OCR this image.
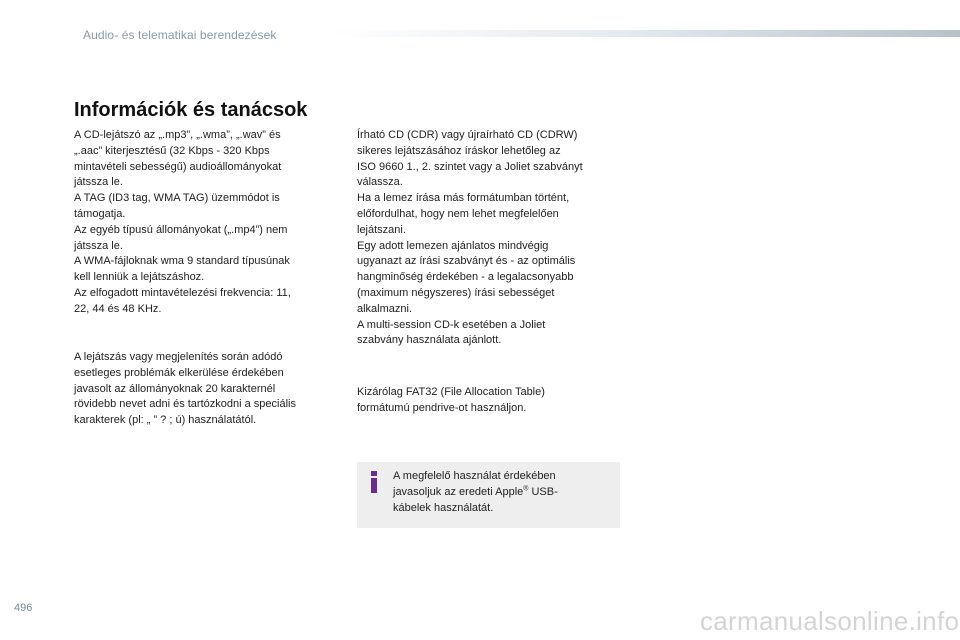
Audio- és telematikai berendezések
Információk és tanácsok

A CD-lejátszó az „.mp3”, „.wma”, „.wav” és
„.aac” kiterjesztésű (32 Kbps - 320 Kbps
mintavételi sebességű) audioállományokat
játssza le.
A TAG (ID3 tag, WMA TAG) üzemmódot is
támogatja.
Az egyéb típusú állományokat („.mp4”) nem
játssza le.
A WMA-fájloknak wma 9 standard típusúnak
kell lenniük a lejátszáshoz.
Az elfogadott mintavételezési frekvencia: 11,
22, 44 és 48 KHz.

A lejátszás vagy megjelenítés során adódó
esetleges problémák elkerülése érdekében
javasolt az állományoknak 20 karakternél
rövidebb nevet adni és tartózkodni a speciális
karakterek (pl: „ ” ? ; ú) használatától.

Írható CD (CDR) vagy újraírható CD (CDRW)
sikeres lejátszásához íráskor lehetőleg az
ISO 9660 1., 2. szintet vagy a Joliet szabványt
válassza.
Ha a lemez írása más formátumban történt,
előfordulhat, hogy nem lehet megfelelően
lejátszani.
Egy adott lemezen ajánlatos mindvégig
ugyanazt az írási szabványt és - az optimális
hangminőség érdekében - a legalacsonyabb
(maximum négyszeres) írási sebességet
alkalmazni.
A multi-session CD-k esetében a Joliet
szabvány használata ajánlott.

Kizárólag FAT32 (File Allocation Table)
formátumú pendrive-ot használjon.

A megfelelő használat érdekében
javasoljuk az eredeti Apple® USB-
kábelek használatát.
496	carmanualsonline.info
